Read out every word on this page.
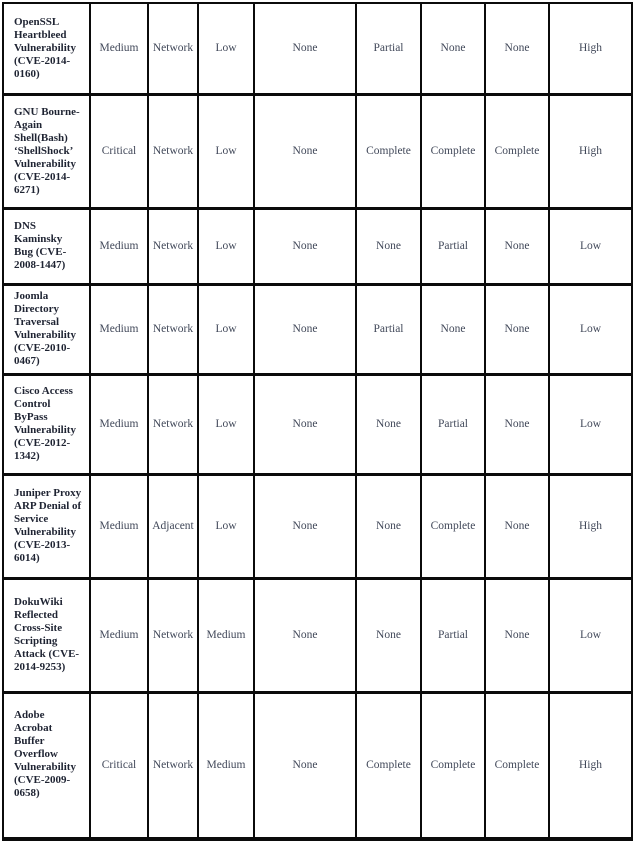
OpenSSL Heartbleed Vulnerability (CVE-2014-0160)	Medium	Network	Low	None	Partial	None	None	High
GNU Bourne-Again Shell(Bash) ‘ShellShock’ Vulnerability (CVE-2014-6271)	Critical	Network	Low	None	Complete	Complete	Complete	High
DNS Kaminsky Bug (CVE-2008-1447)	Medium	Network	Low	None	None	Partial	None	Low
Joomla Directory Traversal Vulnerability (CVE-2010-0467)	Medium	Network	Low	None	Partial	None	None	Low
Cisco Access Control ByPass Vulnerability (CVE-2012-1342)	Medium	Network	Low	None	None	Partial	None	Low
Juniper Proxy ARP Denial of Service Vulnerability (CVE-2013-6014)	Medium	Adjacent	Low	None	None	Complete	None	High
DokuWiki Reflected Cross-Site Scripting Attack (CVE-2014-9253)	Medium	Network	Medium	None	None	Partial	None	Low
Adobe Acrobat Buffer Overflow Vulnerability (CVE-2009-0658)	Critical	Network	Medium	None	Complete	Complete	Complete	High
